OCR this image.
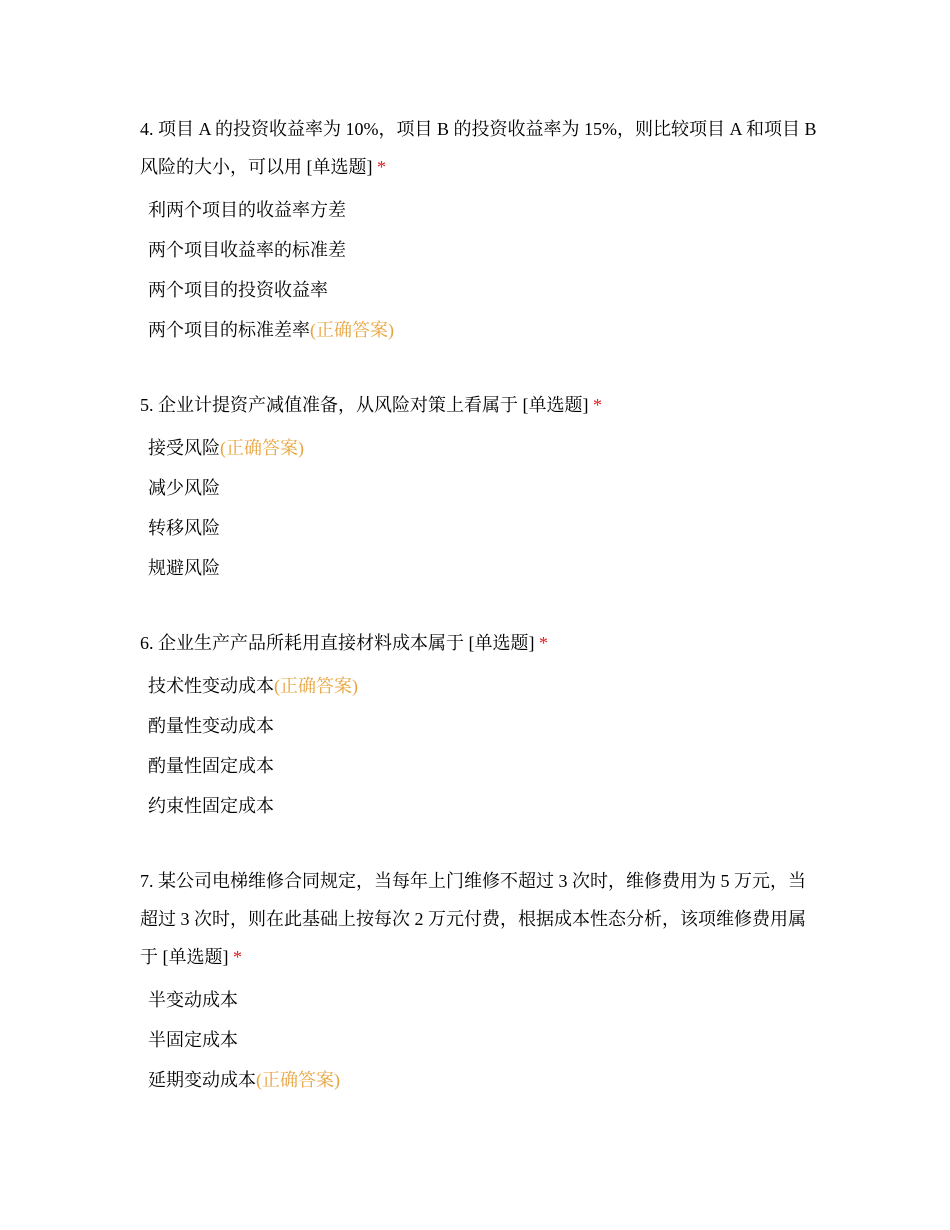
4. 项目 A 的投资收益率为 10%，项目 B 的投资收益率为 15%，则比较项目 A 和项目 B 风险的大小，可以用 [单选题] *

利两个项目的收益率方差
两个项目收益率的标准差
两个项目的投资收益率
两个项目的标准差率(正确答案)

5. 企业计提资产减值准备，从风险对策上看属于 [单选题] *

接受风险(正确答案)
减少风险
转移风险
规避风险

6. 企业生产产品所耗用直接材料成本属于 [单选题] *

技术性变动成本(正确答案)
酌量性变动成本
酌量性固定成本
约束性固定成本

7. 某公司电梯维修合同规定，当每年上门维修不超过 3 次时，维修费用为 5 万元，当超过 3 次时，则在此基础上按每次 2 万元付费，根据成本性态分析，该项维修费用属于 [单选题] *

半变动成本
半固定成本
延期变动成本(正确答案)
